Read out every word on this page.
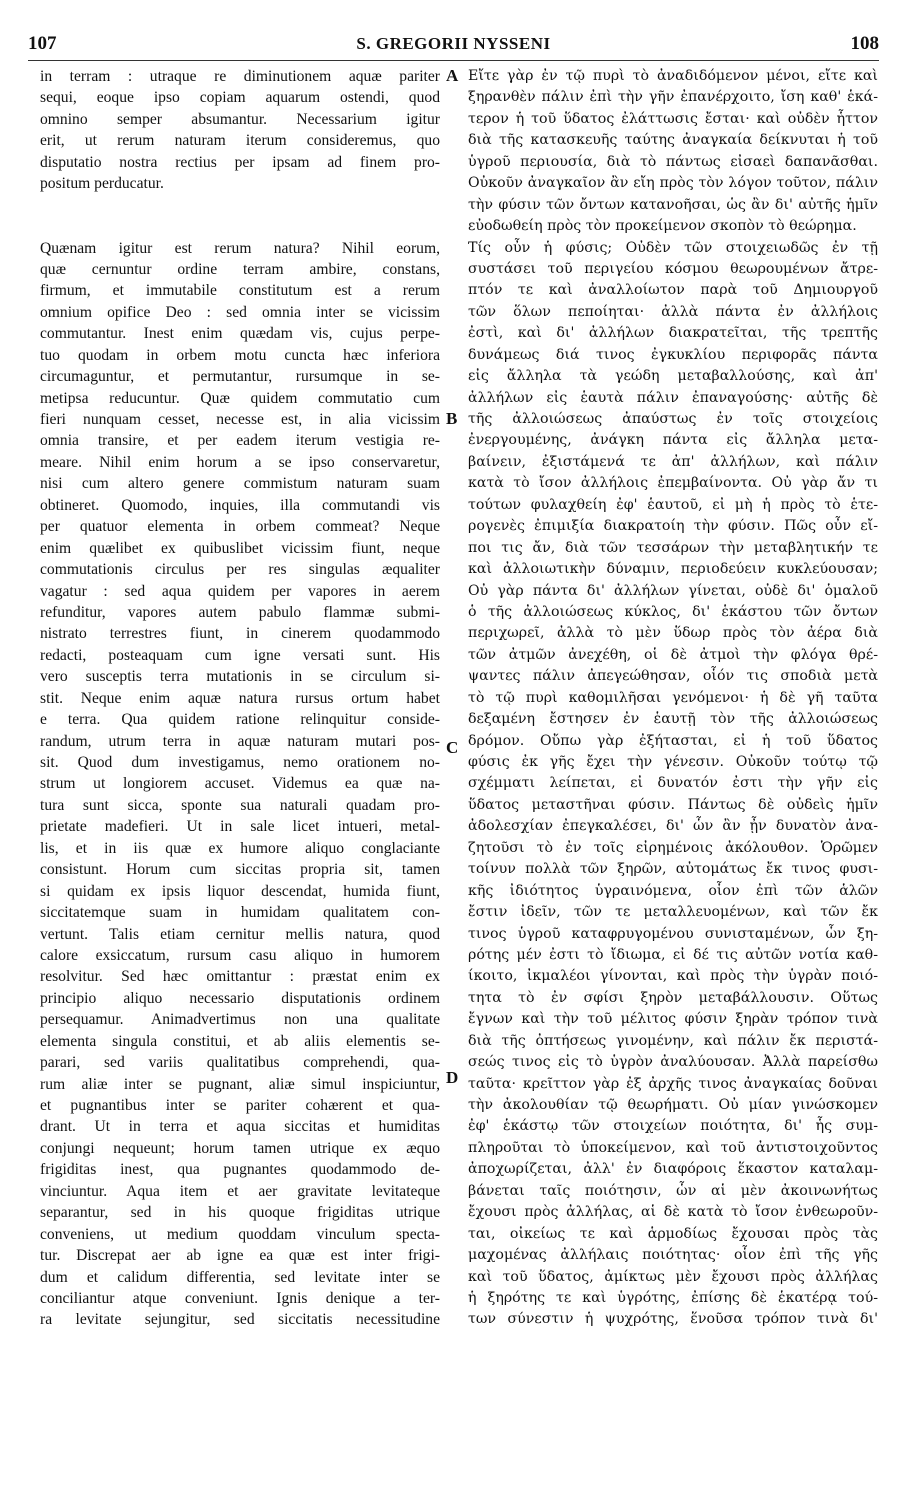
107	S. GREGORII NYSSENI	108
in terram : utraque re diminutionem aquæ pariter
sequi, eoque ipso copiam aquarum ostendi, quod
omnino semper absumantur. Necessarium igitur
erit, ut rerum naturam iterum consideremus, quo
disputatio nostra rectius per ipsam ad finem pro-
positum perducatur.
Quænam igitur est rerum natura? Nihil eorum,
quæ cernuntur ordine terram ambire, constans,
firmum, et immutabile constitutum est a rerum
omnium opifice Deo : sed omnia inter se vicissim
commutantur. Inest enim quædam vis, cujus perpe-
tuo quodam in orbem motu cuncta hæc inferiora
circumaguntur, et permutantur, rursumque in se-
metipsa reducuntur. Quæ quidem commutatio cum
fieri nunquam cesset, necesse est, in alia vicissim
omnia transire, et per eadem iterum vestigia re-
meare. Nihil enim horum a se ipso conservaretur,
nisi cum altero genere commistum naturam suam
obtineret. Quomodo, inquies, illa commutandi vis
per quatuor elementa in orbem commeat? Neque
enim quælibet ex quibuslibet vicissim fiunt, neque
commutationis circulus per res singulas æqualiter
vagatur : sed aqua quidem per vapores in aerem
refunditur, vapores autem pabulo flammæ submi-
nistrato terrestres fiunt, in cinerem quodammodo
redacti, posteaquam cum igne versati sunt. His
vero susceptis terra mutationis in se circulum si-
stit. Neque enim aquæ natura rursus ortum habet
e terra. Qua quidem ratione relinquitur conside-
randum, utrum terra in aquæ naturam mutari pos-
sit. Quod dum investigamus, nemo orationem no-
strum ut longiorem accuset. Videmus ea quæ na-
tura sunt sicca, sponte sua naturali quadam pro-
prietate madefieri. Ut in sale licet intueri, metal-
lis, et in iis quæ ex humore aliquo conglaciante
consistunt. Horum cum siccitas propria sit, tamen
si quidam ex ipsis liquor descendat, humida fiunt,
siccitatemque suam in humidam qualitatem con-
vertunt. Talis etiam cernitur mellis natura, quod
calore exsiccatum, rursum casu aliquo in humorem
resolvitur. Sed hæc omittantur : præstat enim ex
principio aliquo necessario disputationis ordinem
persequamur. Animadvertimus non una qualitate
elementa singula constitui, et ab aliis elementis se-
parari, sed variis qualitatibus comprehendi, qua-
rum aliæ inter se pugnant, aliæ simul inspiciuntur,
et pugnantibus inter se pariter cohærent et qua-
drant. Ut in terra et aqua siccitas et humiditas
conjungi nequeunt; horum tamen utrique ex æquo
frigiditas inest, qua pugnantes quodammodo de-
vinciuntur. Aqua item et aer gravitate levitateque
separantur, sed in his quoque frigiditas utrique
conveniens, ut medium quoddam vinculum specta-
tur. Discrepat aer ab igne ea quæ est inter frigi-
dum et calidum differentia, sed levitate inter se
conciliantur atque conveniunt. Ignis denique a ter-
ra levitate sejungitur, sed siccitatis necessitudine
Εἴτε γὰρ ἐν τῷ πυρὶ τὸ ἀναδιδόμενον μένοι, εἴτε καὶ
ξηρανθὲν πάλιν ἐπὶ τὴν γῆν ἐπανέρχοιτο, ἴση καθ' ἑκά-
τερον ἡ τοῦ ὕδατος ἐλάττωσις ἔσται· καὶ οὐδὲν ἧττον
διὰ τῆς κατασκευῆς ταύτης ἀναγκαία δείκνυται ἡ τοῦ
ὑγροῦ περιουσία, διὰ τὸ πάντως εἰσαεὶ δαπανᾶσθαι.
Οὐκοῦν ἀναγκαῖον ἂν εἴη πρὸς τὸν λόγον τοῦτον, πάλιν
τὴν φύσιν τῶν ὄντων κατανοῆσαι, ὡς ἂν δι' αὐτῆς ἡμῖν
εὐοδωθείη πρὸς τὸν προκείμενον σκοπὸν τὸ θεώρημα.
Τίς οὖν ἡ φύσις; Οὐδὲν τῶν στοιχειωδῶς ἐν τῇ
συστάσει τοῦ περιγείου κόσμου θεωρουμένων ἄτρε-
πτόν τε καὶ ἀναλλοίωτον παρὰ τοῦ Δημιουργοῦ
τῶν ὅλων πεποίηται· ἀλλὰ πάντα ἐν ἀλλήλοις
ἐστὶ, καὶ δι' ἀλλήλων διακρατεῖται, τῆς τρεπτῆς
δυνάμεως διά τινος ἐγκυκλίου περιφορᾶς πάντα
εἰς ἄλληλα τὰ γεώδη μεταβαλλούσης, καὶ ἀπ'
ἀλλήλων εἰς ἑαυτὰ πάλιν ἐπαναγούσης· αὐτῆς δὲ
τῆς ἀλλοιώσεως ἀπαύστως ἐν τοῖς στοιχείοις
ἐνεργουμένης, ἀνάγκη πάντα εἰς ἄλληλα μετα-
βαίνειν, ἐξιστάμενά τε ἀπ' ἀλλήλων, καὶ πάλιν
κατὰ τὸ ἴσον ἀλλήλοις ἐπεμβαίνοντα. Οὐ γὰρ ἄν τι
τούτων φυλαχθείη ἐφ' ἑαυτοῦ, εἰ μὴ ἡ πρὸς τὸ ἑτε-
ρογενὲς ἐπιμιξία διακρατοίη τὴν φύσιν. Πῶς οὖν εἴ-
ποι τις ἄν, διὰ τῶν τεσσάρων τὴν μεταβλητικήν τε
καὶ ἀλλοιωτικὴν δύναμιν, περιοδεύειν κυκλεύουσαν;
Οὐ γὰρ πάντα δι' ἀλλήλων γίνεται, οὐδὲ δι' ὁμαλοῦ
ὁ τῆς ἀλλοιώσεως κύκλος, δι' ἑκάστου τῶν ὄντων
περιχωρεῖ, ἀλλὰ τὸ μὲν ὕδωρ πρὸς τὸν ἀέρα διὰ
τῶν ἀτμῶν ἀνεχέθη, οἱ δὲ ἀτμοὶ τὴν φλόγα θρέ-
ψαντες πάλιν ἀπεγεώθησαν, οἷόν τις σποδιὰ μετὰ
τὸ τῷ πυρὶ καθομιλῆσαι γενόμενοι· ἡ δὲ γῆ ταῦτα
δεξαμένη ἔστησεν ἐν ἑαυτῇ τὸν τῆς ἀλλοιώσεως
δρόμον. Οὔπω γὰρ ἐξήτασται, εἰ ἡ τοῦ ὕδατος
φύσις ἐκ γῆς ἔχει τὴν γένεσιν. Οὐκοῦν τούτῳ τῷ
σχέμματι λείπεται, εἰ δυνατόν ἐστι τὴν γῆν εἰς
ὕδατος μεταστῆναι φύσιν. Πάντως δὲ οὐδεὶς ἡμῖν
ἀδολεσχίαν ἐπεγκαλέσει, δι' ὧν ἂν ᾖν δυνατὸν ἀνα-
ζητοῦσι τὸ ἐν τοῖς εἰρημένοις ἀκόλουθον. Ὁρῶμεν
τοίνυν πολλὰ τῶν ξηρῶν, αὐτομάτως ἔκ τινος φυσι-
κῆς ἰδιότητος ὑγραινόμενα, οἷον ἐπὶ τῶν ἁλῶν
ἔστιν ἰδεῖν, τῶν τε μεταλλευομένων, καὶ τῶν ἔκ
τινος ὑγροῦ καταφρυγομένου συνισταμένων, ὧν ξη-
ρότης μέν ἐστι τὸ ἴδιωμα, εἰ δέ τις αὐτῶν νοτία καθ-
ίκοιτο, ἰκμαλέοι γίνονται, καὶ πρὸς τὴν ὑγρὰν ποιό-
τητα τὸ ἐν σφίσι ξηρὸν μεταβάλλουσιν. Οὕτως
ἔγνων καὶ τὴν τοῦ μέλιτος φύσιν ξηρὰν τρόπον τινὰ
διὰ τῆς ὀπτήσεως γινομένην, καὶ πάλιν ἔκ περιστά-
σεώς τινος εἰς τὸ ὑγρὸν ἀναλύουσαν. Ἀλλὰ παρείσθω
ταῦτα· κρεῖττον γὰρ ἐξ ἀρχῆς τινος ἀναγκαίας δοῦναι
τὴν ἀκολουθίαν τῷ θεωρήματι. Οὐ μίαν γινώσκομεν
ἐφ' ἑκάστῳ τῶν στοιχείων ποιότητα, δι' ἧς συμ-
πληροῦται τὸ ὑποκείμενον, καὶ τοῦ ἀντιστοιχοῦντος
ἀποχωρίζεται, ἀλλ' ἐν διαφόροις ἕκαστον καταλαμ-
βάνεται ταῖς ποιότησιν, ὧν αἱ μὲν ἀκοινωνήτως
ἔχουσι πρὸς ἀλλήλας, αἱ δὲ κατὰ τὸ ἴσον ἐνθεωροῦν-
ται, οἰκείως τε καὶ ἁρμοδίως ἔχουσαι πρὸς τὰς
μαχομένας ἀλλήλαις ποιότητας· οἷον ἐπὶ τῆς γῆς
καὶ τοῦ ὕδατος, ἀμίκτως μὲν ἔχουσι πρὸς ἀλλήλας
ἡ ξηρότης τε καὶ ὑγρότης, ἐπίσης δὲ ἑκατέρᾳ τού-
των σύνεστιν ἡ ψυχρότης, ἕνοῦσα τρόπον τινὰ δι'
A
B
C
D
